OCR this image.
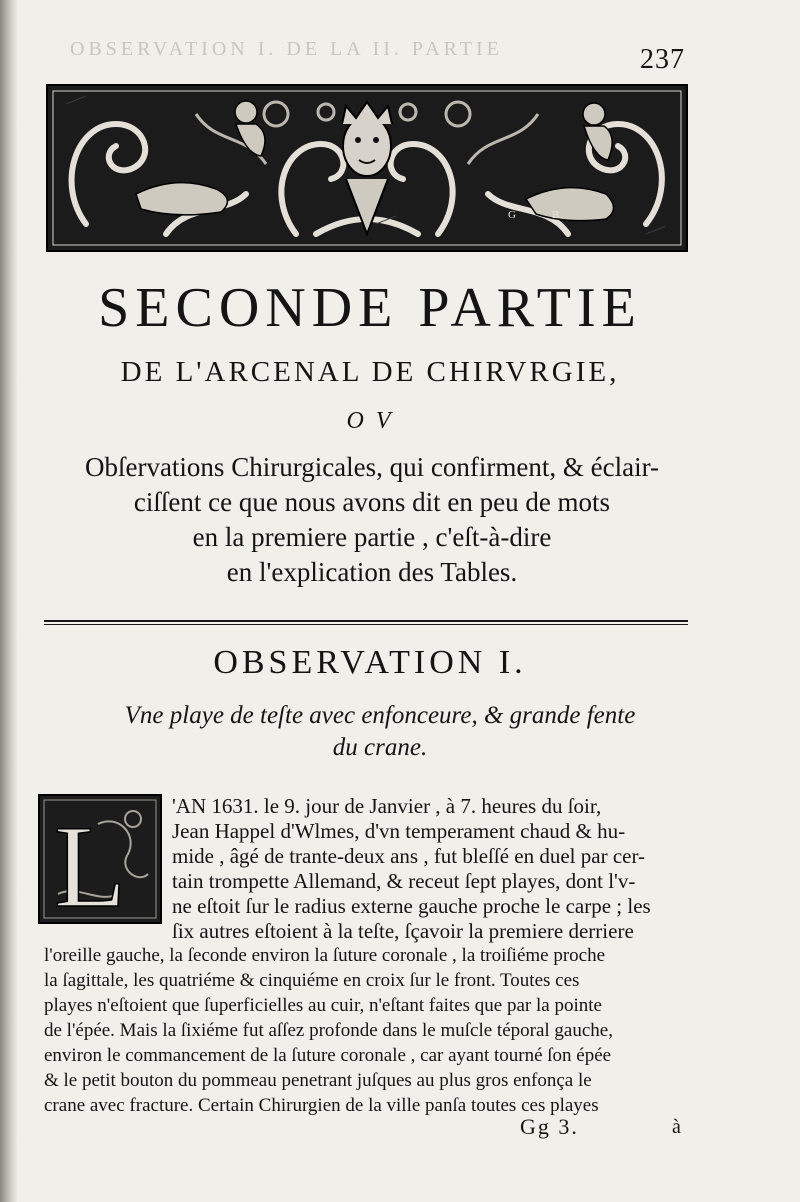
OBSERVATION I. DE LA II. PARTIE	237
G	B
SECONDE PARTIE
DE L'ARCENAL DE CHIRVRGIE,
O V
Obſervations Chirurgicales, qui confirment, & éclair-
ciſſent ce que nous avons dit en peu de mots
en la premiere partie , c'eſt-à-dire
en l'explication des Tables.
OBSERVATION I.
Vne playe de teſte avec enfonceure, & grande fente
du crane.
L 'AN 1631. le 9. jour de Janvier , à 7. heures du ſoir,
Jean Happel d'Wlmes, d'vn temperament chaud & hu-
mide , âgé de trante-deux ans , fut bleſſé en duel par cer-
tain trompette Allemand, & receut ſept playes, dont l'v-
ne eſtoit ſur le radius externe gauche proche le carpe ; les
ſix autres eſtoient à la teſte, ſçavoir la premiere derriere
l'oreille gauche, la ſeconde environ la ſuture coronale , la troiſiéme proche
la ſagittale, les quatriéme & cinquiéme en croix ſur le front. Toutes ces
playes n'eſtoient que ſuperficielles au cuir, n'eſtant faites que par la pointe
de l'épée. Mais la ſixiéme fut aſſez profonde dans le muſcle téporal gauche,
environ le commancement de la ſuture coronale , car ayant tourné ſon épée
& le petit bouton du pommeau penetrant juſques au plus gros enfonça le
crane avec fracture. Certain Chirurgien de la ville panſa toutes ces playes
Gg 3.	à
